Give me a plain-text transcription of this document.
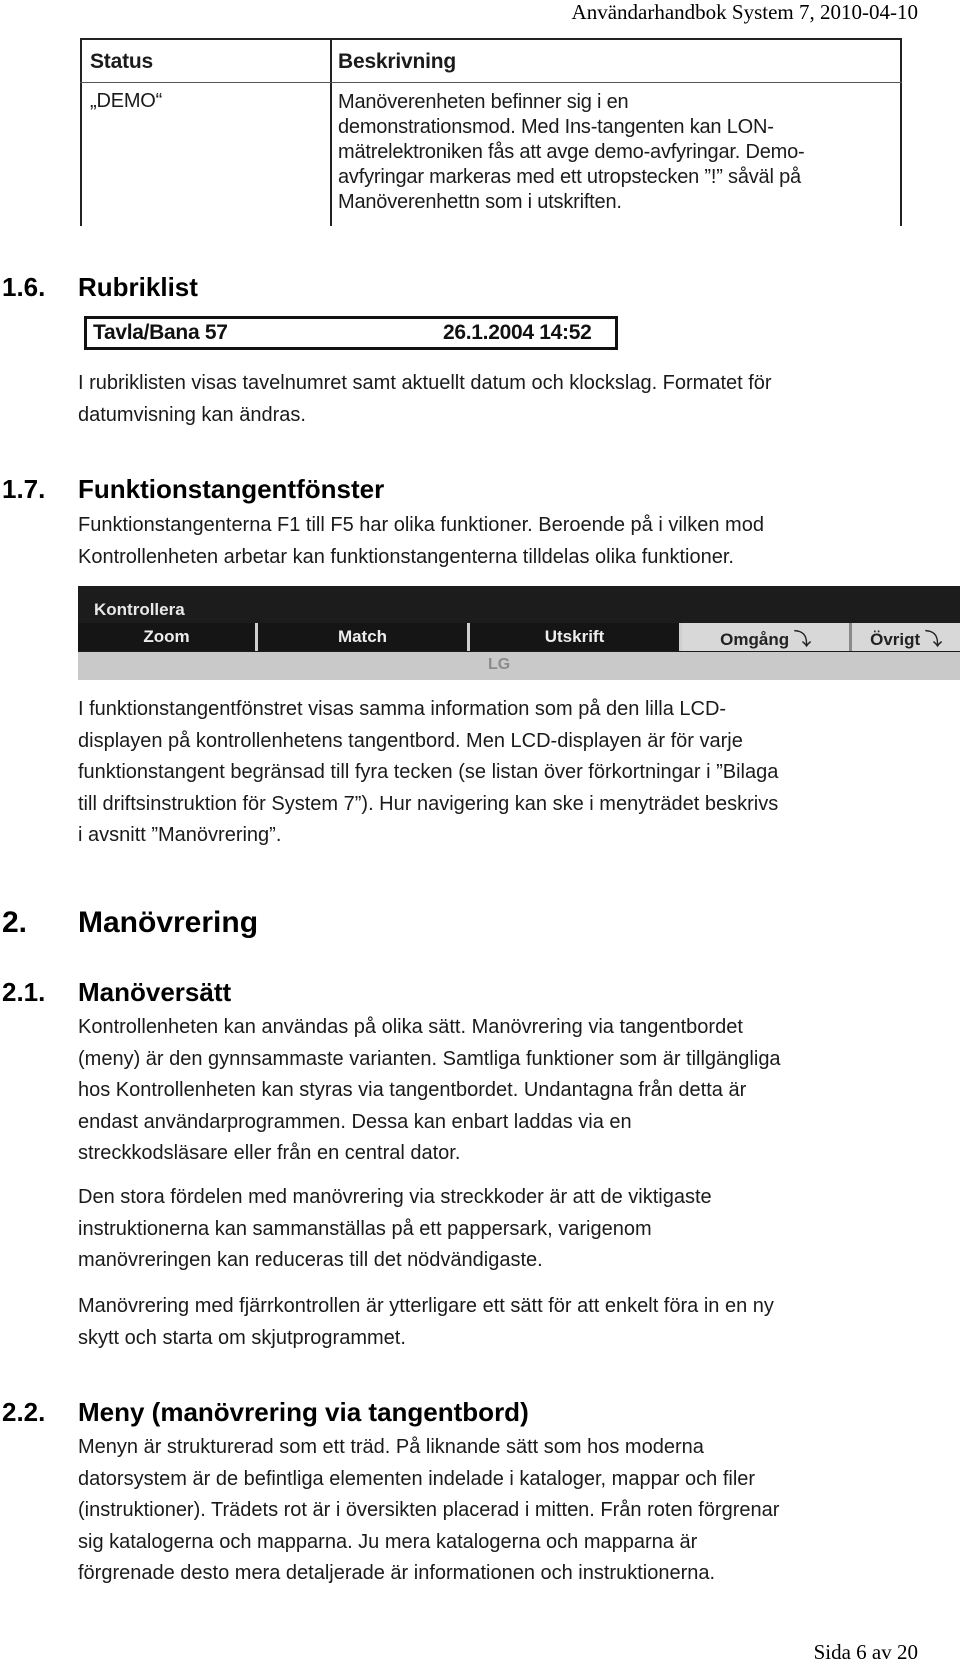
Användarhandbok System 7, 2010-04-10
Status	Beskrivning
„DEMO“	Manöverenheten befinner sig i en
demonstrationsmod. Med Ins-tangenten kan LON-
mätrelektroniken fås att avge demo-avfyringar. Demo-
avfyringar markeras med ett utropstecken ”!” såväl på
Manöverenhettn som i utskriften.
1.6. Rubriklist
Tavla/Bana 57	26.1.2004 14:52
I rubriklisten visas tavelnumret samt aktuellt datum och klockslag. Formatet för
datumvisning kan ändras.
1.7. Funktionstangentfönster
Funktionstangenterna F1 till F5 har olika funktioner. Beroende på i vilken mod
Kontrollenheten arbetar kan funktionstangenterna tilldelas olika funktioner.
Kontrollera
Zoom	Match	Utskrift	Omgång ⤵	Övrigt ⤵
LG
I funktionstangentfönstret visas samma information som på den lilla LCD-
displayen på kontrollenhetens tangentbord. Men LCD-displayen är för varje
funktionstangent begränsad till fyra tecken (se listan över förkortningar i ”Bilaga
till driftsinstruktion för System 7”). Hur navigering kan ske i menyträdet beskrivs
i avsnitt ”Manövrering”.
2. Manövrering
2.1. Manöversätt
Kontrollenheten kan användas på olika sätt. Manövrering via tangentbordet
(meny) är den gynnsammaste varianten. Samtliga funktioner som är tillgängliga
hos Kontrollenheten kan styras via tangentbordet. Undantagna från detta är
endast användarprogrammen. Dessa kan enbart laddas via en
streckkodsläsare eller från en central dator.
Den stora fördelen med manövrering via streckkoder är att de viktigaste
instruktionerna kan sammanställas på ett pappersark, varigenom
manövreringen kan reduceras till det nödvändigaste.
Manövrering med fjärrkontrollen är ytterligare ett sätt för att enkelt föra in en ny
skytt och starta om skjutprogrammet.
2.2. Meny (manövrering via tangentbord)
Menyn är strukturerad som ett träd. På liknande sätt som hos moderna
datorsystem är de befintliga elementen indelade i kataloger, mappar och filer
(instruktioner). Trädets rot är i översikten placerad i mitten. Från roten förgrenar
sig katalogerna och mapparna. Ju mera katalogerna och mapparna är
förgrenade desto mera detaljerade är informationen och instruktionerna.
Sida 6 av 20
